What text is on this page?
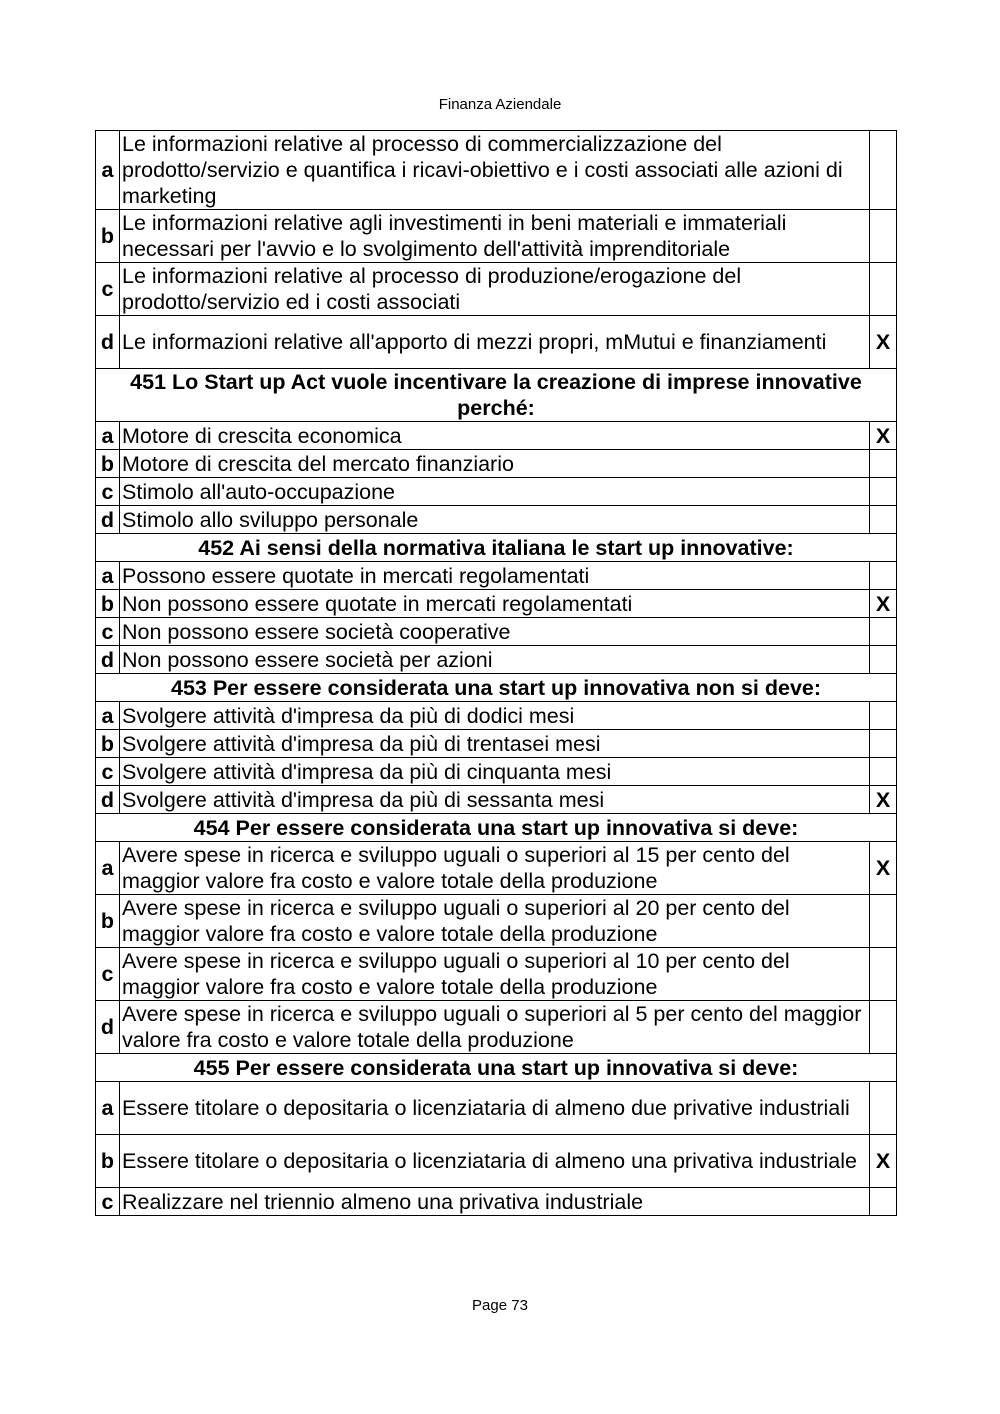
Finanza Aziendale
a	Le informazioni relative al processo di commercializzazione del prodotto/servizio e quantifica i ricavi-obiettivo e i costi associati alle azioni di marketing	
b	Le informazioni relative agli investimenti in beni materiali e immateriali necessari per l'avvio e lo svolgimento dell'attività imprenditoriale	
c	Le informazioni relative al processo di produzione/erogazione del prodotto/servizio ed i costi associati	
d	Le informazioni relative all'apporto di mezzi propri, mMutui e finanziamenti	X
451 Lo Start up Act vuole incentivare la creazione di imprese innovative perché:		
a	Motore di crescita economica	X
b	Motore di crescita del mercato finanziario	
c	Stimolo all'auto-occupazione	
d	Stimolo allo sviluppo personale	
452 Ai sensi della normativa italiana le start up innovative:		
a	Possono essere quotate in mercati regolamentati	
b	Non possono essere quotate in mercati regolamentati	X
c	Non possono essere società cooperative	
d	Non possono essere società per azioni	
453 Per essere considerata una start up innovativa non si deve:		
a	Svolgere attività d'impresa da più di dodici mesi	
b	Svolgere attività d'impresa da più di trentasei mesi	
c	Svolgere attività d'impresa da più di cinquanta mesi	
d	Svolgere attività d'impresa da più di sessanta mesi	X
454 Per essere considerata una start up innovativa si deve:		
a	Avere spese in ricerca e sviluppo uguali o superiori al 15 per cento del maggior valore fra costo e valore totale della produzione	X
b	Avere spese in ricerca e sviluppo uguali o superiori al 20 per cento del maggior valore fra costo e valore totale della produzione	
c	Avere spese in ricerca e sviluppo uguali o superiori al 10 per cento del maggior valore fra costo e valore totale della produzione	
d	Avere spese in ricerca e sviluppo uguali o superiori al 5 per cento del maggior valore fra costo e valore totale della produzione	
455 Per essere considerata una start up innovativa si deve:		
a	Essere titolare o depositaria o licenziataria di almeno due privative industriali	
b	Essere titolare o depositaria o licenziataria di almeno una privativa industriale	X
c	Realizzare nel triennio almeno una privativa industriale	
Page 73
